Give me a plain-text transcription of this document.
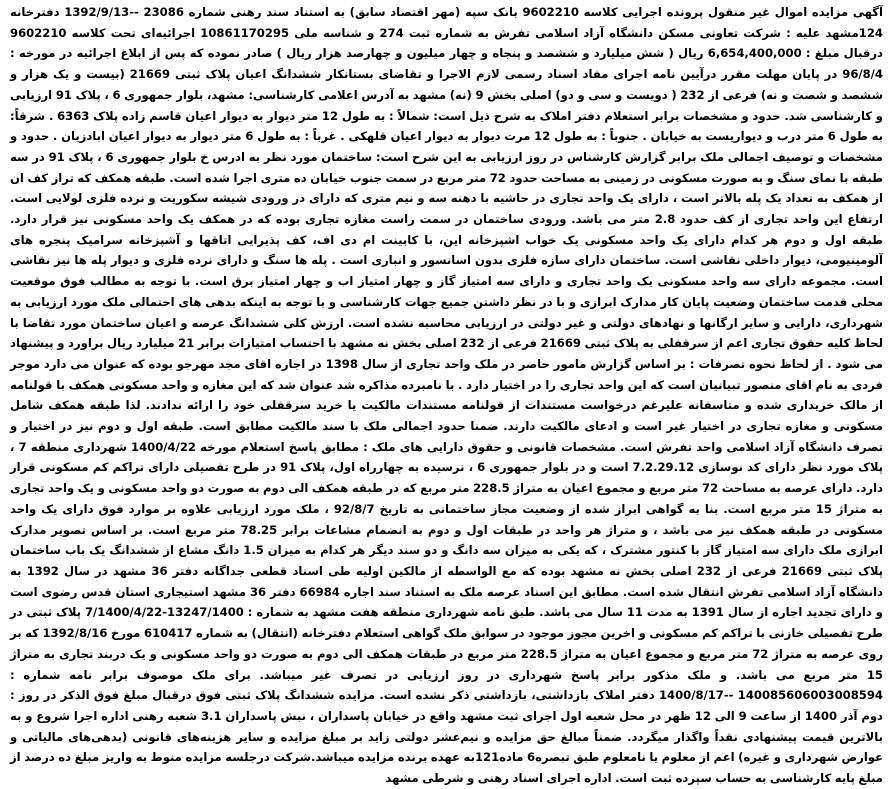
آگهی مزایده اموال غیر منقول پرونده اجرایی کلاسه 9602210 بانک سپه (مهر اقتصاد سابق) به استناد سند رهنی شماره 23086 --1392/9/13 دفترخانه 124مشهد علیه : شرکت تعاونی مسکن دانشگاه آزاد اسلامی تفرش به شماره ثبت 274 و شناسه ملی 10861170295 اجرائیه‌ای تحت کلاسه 9602210 درقبال مبلغ : 6,654,400,000 ریال ( شش میلیارد و ششصد و پنجاه و چهار میلیون و چهارصد هزار ریال ) صادر نموده که پس از ابلاغ اجرائیه در مورخه : 96/8/4 در پایان مهلت مقرر درآیین نامه اجرای مفاد اسناد رسمی لازم الاجرا و تقاضای بستانکار ششدانگ اعیان پلاک ثبتی 21669 (بیست و یک هزار و ششصد و شصت و نه) فرعی از 232 ( دویست و سی و دو) اصلی بخش 9 (نه) مشهد به آدرس اعلامی کارشناسی: مشهد، بلوار جمهوری 6 ، پلاک 91 ارزیابی و کارشناسی شد. حدود و مشخصات برابر استعلام دفتر املاک به شرح ذیل است: شمالاً : به طول 12 متر دیوار به دیوار اعیان قاسم زاده پلاک 6363 . شرقاً: به طول 6 متر درب و دیواریست به خیابان . جنوباً : به طول 12 مرت دیوار به دیوار اعیان قلهکی . غرباً : به طول 6 متر دیوار به دیوار اعیان ابادزیان . حدود و مشخصات و توصیف اجمالی ملک برابر گزارش کارشناس در روز ارزیابی به این شرح است: ساختمان مورد نظر به ادرس خ بلوار جمهوری 6 ، پلاک 91 در سه طبقه با نمای سنگ و به صورت مسکونی در زمینی به مساحت حدود 72 متر مربع در سمت جنوب خیابان ده متری اجرا شده است. طبقه همکف که تراز کف ان از همکف به تعداد یک پله بالاتر است ، دارای یک واحد تجاری در حاشیه با دهنه سه و نیم متری که دارای در ورودی شیشه سکوریت و نرده فلزی لولایی است. ارتفاع این واحد تجاری از کف حدود 2.8 متر می باشد. ورودی ساختمان در سمت راست مغازه تجاری بوده که در همکف یک واحد مسکونی نیز قرار دارد. طبقه اول و دوم هر کدام دارای یک واحد مسکونی یک خواب اشپزخانه این، با کابینت ام دی اف، کف پذیرایی اتاقها و آشپزخانه سرامیک پنجره های آلومینیومی، دیوار داخلی نقاشی است. ساختمان دارای سازه فلزی بدون اسانسور و انباری است . پله ها سنگ و دارای نرده فلزی و دیوار پله ها نیز نقاشی است. مجموعه دارای سه واحد مسکونی یک واحد تجاری و دارای سه امتیاز گاز و چهار امتیاز اب و چهار امتیاز برق است. با توجه به مطالب فوق موقعیت محلی قدمت ساختمان وضعیت پایان کار مدارک ابرازی و با در نظر داشتن جمیع جهات کارشناسی و با توجه به اینکه بدهی های احتمالی ملک مورد ارزیابی به شهرداری، دارایی و سایر ارگانها و نهادهای دولتی و غیر دولتی در ارزیابی محاسبه نشده است. ارزش کلی ششدانگ عرصه و اعیان ساختمان مورد تقاضا با لحاظ کلیه حقوق تجاری اعم از سرقفلی به پلاک ثبتی 21669 فرعی از 232 اصلی بخش نه مشهد با احتساب امتیازات برابر 21 میلیارد ریال براورد و پیشنهاد می شود . از لحاظ نحوه تصرفات : بر اساس گزارش مامور حاضر در ملک واحد تجاری از سال 1398 در اجاره اقای مجد مهرجو بوده که عنوان می دارد موجر فردی به نام اقای منصور تبیانیان است که این واحد تجاری را در اختیار دارد . با نامبرده مذاکره شد عنوان شد که این مغازه و واحد مسکونی همکف با قولنامه از مالک خریداری شده و متاسفانه علیرغم درخواست مستندات از قولنامه مستندات مالکیت یا خرید سرقفلی خود را ارائه ندادند. لذا طبقه همکف شامل مسکونی و مغازه تجاری در اختیار غیر است و ادعای مالکیت دارند. ضمنا حدود اجمالی ملک با سند مالکیت مطابق است. طبقه اول و دوم نیز در اختیار و تصرف دانشگاه آزاد اسلامی واحد تفرش است. مشخصات قانونی و حقوق دارایی های ملک : مطابق پاسخ استعلام مورخه 1400/4/22 شهرداری منطقه 7 ، پلاک مورد نظر دارای کد نوسازی 7.2.29.12 است و در بلوار جمهوری 6 ، نرسیده به چهارراه اول، پلاک 91 در طرح تفصیلی دارای تراکم کم مسکونی قرار دارد. دارای عرصه به مساحت 72 متر مربع و مجموع اعیان به متراژ 228.5 متر مربع که در طبقه همکف الی دوم به صورت دو واحد مسکونی و یک واحد تجاری به متراژ 15 متر مربع است. بنا به گواهی ابراز شده از وضعیت مجاز ساختمانی به تاریخ 92/8/7 ، ملک مورد ارزیابی علاوه بر موارد فوق دارای یک واحد مسکونی در طبقه همکف نیز می باشد ، و متراژ هر واحد در طبقات اول و دوم به انضمام مشاعات برابر 78.25 متر مربع است. بر اساس تصویر مدارک ابرازی ملک دارای سه امتیاز گاز با کنتور مشترک ، که یکی به میزان سه دانگ و دو سند دیگر هر کدام به میزان 1.5 دانگ مشاع از ششدانگ یک باب ساختمان پلاک ثبتی 21669 فرعی از 232 اصلی بخش نه مشهد بوده که مع الواسطه از مالکین اولیه طی اسناد قطعی جداگانه دفتر 36 مشهد در سال 1392 به دانشگاه آزاد اسلامی تفرش انتقال شده است. مطابق این اسناد عرصه ملک به استناد سند اجاره 66984 دفتر 36 مشهد استیجاری استان قدس رضوی است و دارای تجدید اجاره از سال 1391 به مدت 11 سال می باشد. طبق نامه شهرداری منطقه هفت مشهد به شماره : 13247/1400-7/1400/4/22 پلاک ثبتی در طرح تفصیلی خازنی با تراکم کم مسکونی و اخرین مجوز موجود در سوابق ملک گواهی استعلام دفترخانه (انتقال) به شماره 610417 مورخ 1392/8/16 که بر روی عرصه به متراژ 72 متر مربع و مجموع اعیان به متراژ 228.5 متر مربع در طبقات همکف الی دوم به صورت دو واحد مسکونی و یک دربند تجاری به متراژ 15 متر مربع می باشد. و ملک مذکور برابر پاسخ شهرداری در روز ارزیابی در تصرف غیر میباشد. برای ملک موصوف برابر نامه شماره : 140085606003008594 --1400/8/17 دفتر املاک بازداشتی، بازداشتی ذکر نشده است. مزایده ششدانگ پلاک ثبتی فوق درقبال مبلغ فوق الذکر در روز : دوم آذر 1400 از ساعت 9 الی 12 ظهر در محل شعبه اول اجرای ثبت مشهد واقع در خیابان پاسداران ، نبش پاسداران 3.1 شعبه رهنی اداره اجرا شروع و به بالاترین قیمت پیشنهادی نقداً واگذار میگردد. ضمناً مبالغ حق مزایده و نیم‌عشر دولتی زاید بر مبلغ مزایده و سایر هزینه‌های قانونی (بدهی‌های مالیاتی و عوارض شهرداری و غیره) اعم از معلوم یا نامعلوم طبق تبصره6 ماده121به عهده برنده مزایده میباشد.شرکت درجلسه مزایده منوط به واریز مبلغ ده درصد از مبلغ پایه کارشناسی به حساب سپرده ثبت است. اداره اجرای اسناد رهنی و شرطی مشهد
